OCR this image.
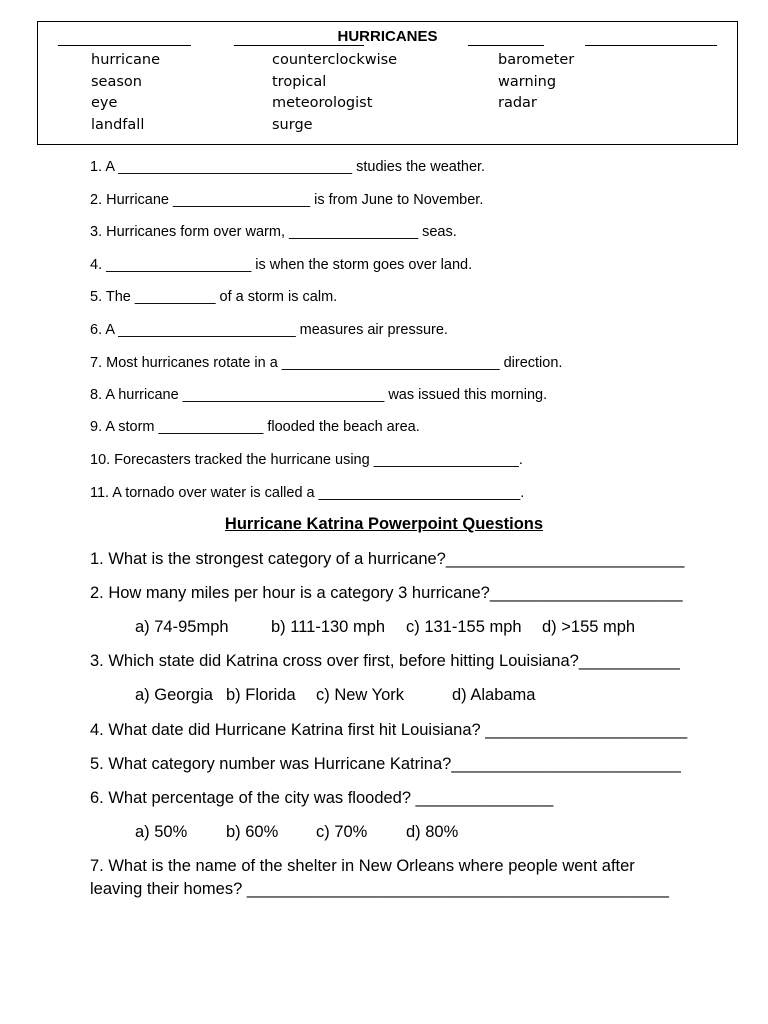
HURRICANES
hurricane
season
eye
landfall
counterclockwise
tropical
meteorologist
surge
barometer
warning
radar
1. A _____________________________ studies the weather.
2. Hurricane _________________ is from June to November.
3. Hurricanes form over warm, ________________ seas.
4. __________________ is when the storm goes over land.
5. The __________ of a storm is calm.
6. A ______________________ measures air pressure.
7. Most hurricanes rotate in a ___________________________ direction.
8. A hurricane _________________________ was issued this morning.
9. A storm _____________ flooded the beach area.
10. Forecasters tracked the hurricane using __________________.
11. A tornado over water is called a _________________________.
Hurricane Katrina Powerpoint Questions
1. What is the strongest category of a hurricane?__________________________
2. How many miles per hour is a category 3 hurricane?_____________________
a) 74-95mph	b) 111-130 mph c) 131-155 mph d) >155 mph
3. Which state did Katrina cross over first, before hitting Louisiana?___________
a) Georgia b) Florida c) New York	d) Alabama
4. What date did Hurricane Katrina first hit Louisiana? ______________________
5. What category number was Hurricane Katrina?_________________________
6. What percentage of the city was flooded? _______________
a) 50% b) 60% c) 70% d) 80%
7. What is the name of the shelter in New Orleans where people went after
leaving their homes? ______________________________________________
